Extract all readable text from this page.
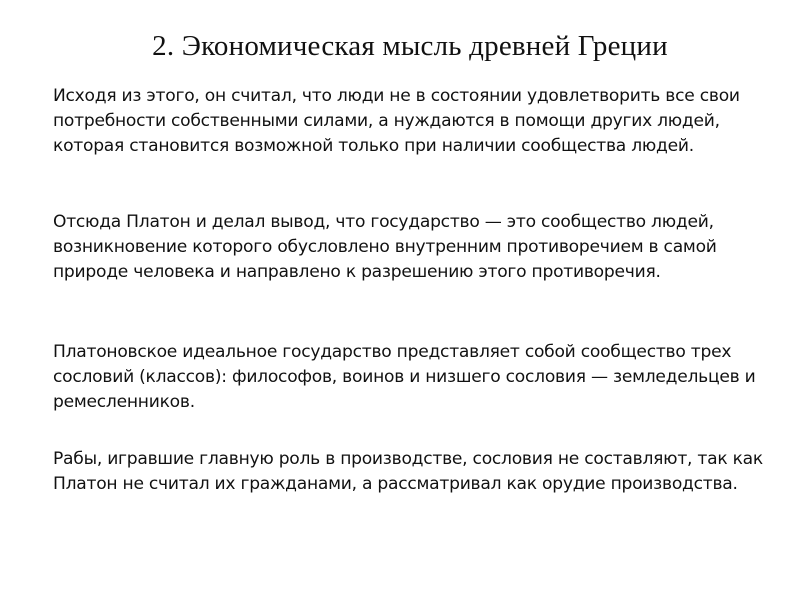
2. Экономическая мысль древней Греции

Исходя из этого, он считал, что люди не в состоянии удовлетворить все свои потребности собственными силами, а нуждаются в помощи других людей, которая становится возможной только при наличии сообщества людей.

Отсюда Платон и делал вывод, что государство — это сообщество людей, возникновение которого обусловлено внутренним противоречием в самой природе человека и направлено к разрешению этого противоречия.

Платоновское идеальное государство представляет собой сообщество трех сословий (классов): философов, воинов и низшего сословия — земледельцев и ремесленников.

Рабы, игравшие главную роль в производстве, сословия не составляют, так как Платон не считал их гражданами, а рассматривал как орудие производства.
